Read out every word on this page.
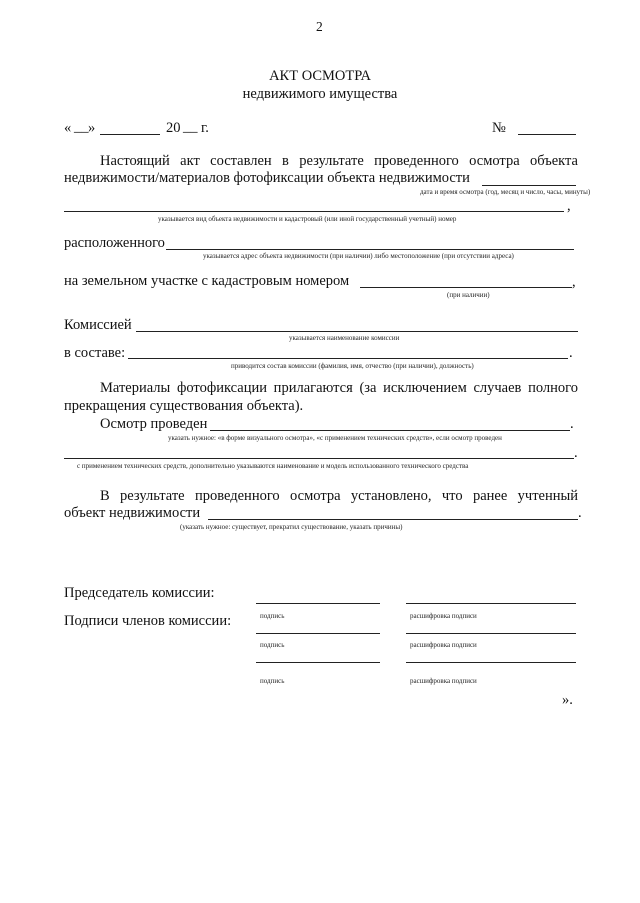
2
АКТ ОСМОТРА
недвижимого имущества
« __ »	20 __ г.	№
Настоящий акт составлен в результате проведенного осмотра объекта
недвижимости/материалов фотофиксации объекта недвижимости
дата и время осмотра (год, месяц и число, часы, минуты)
,
указывается вид объекта недвижимости и кадастровый (или иной государственный учетный) номер
расположенного
указывается адрес объекта недвижимости (при наличии) либо местоположение (при отсутствии адреса)
на земельном участке с кадастровым номером	,
(при наличии)
Комиссией
указывается наименование комиссии
в составе:	.
приводится состав комиссии (фамилия, имя, отчество (при наличии), должность)
Материалы фотофиксации прилагаются (за исключением случаев полного
прекращения существования объекта).
Осмотр проведен	.
указать нужное: «в форме визуального осмотра», «с применением технических средств», если осмотр проведен
.
с применением технических средств, дополнительно указываются наименование и модель использованного технического средства
В результате проведенного осмотра установлено, что ранее учтенный
объект недвижимости	.
(указать нужное: существует, прекратил существование, указать причины)
Председатель комиссии:
Подписи членов комиссии:	подпись	расшифровка подписи
подпись	расшифровка подписи
подпись	расшифровка подписи
».
